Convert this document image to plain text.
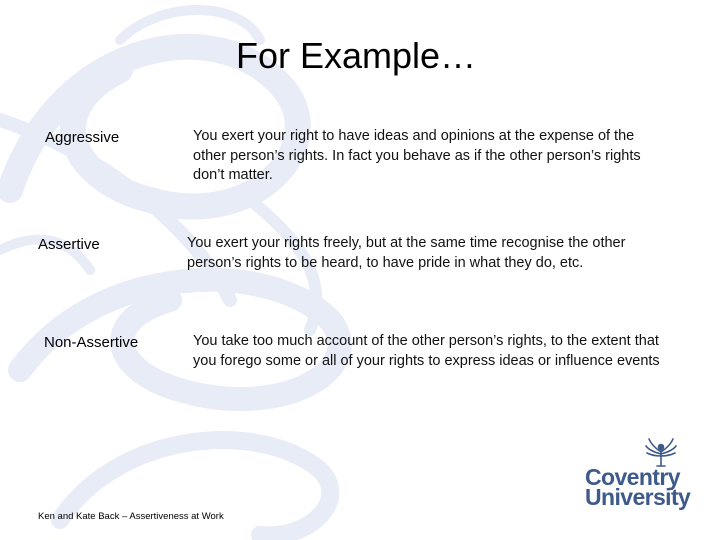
For Example…
Aggressive	You exert your right to have ideas and opinions at the expense of the other person’s rights. In fact you behave as if the other person’s rights don’t matter.
Assertive	You exert your rights freely, but at the same time recognise the other person’s rights to be heard, to have pride in what they do, etc.
Non-Assertive	You take too much account of the other person’s rights, to the extent that you forego some or all of your rights to express ideas or influence events
Ken and Kate Back – Assertiveness at Work
Coventry
University
